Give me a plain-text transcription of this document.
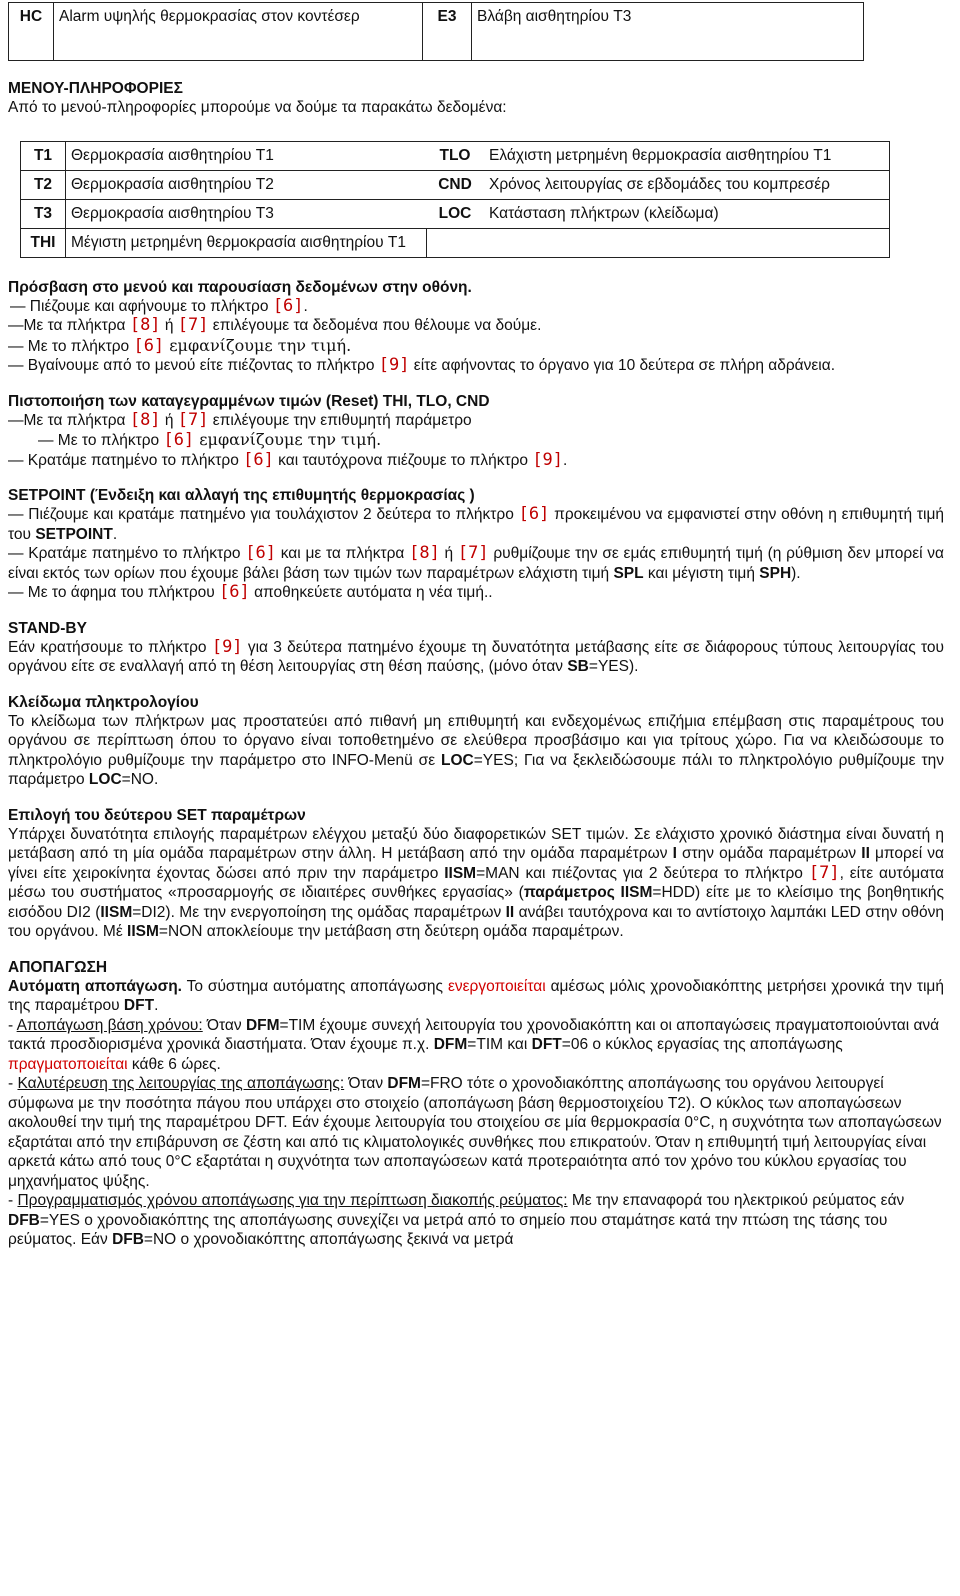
HC	Alarm υψηλής θερμοκρασίας στον κοντέσερ	E3	Βλάβη αισθητηρίου T3

ΜΕΝΟΥ-ΠΛΗΡΟΦΟΡΙΕΣ

Από το μενού-πληροφορίες μπορούμε να δούμε τα παρακάτω δεδομένα:

T1	Θερμοκρασία αισθητηρίου T1	TLO	Ελάχιστη μετρημένη θερμοκρασία αισθητηρίου T1
T2	Θερμοκρασία αισθητηρίου T2	CND	Χρόνος λειτουργίας σε εβδομάδες του κομπρεσέρ
T3	Θερμοκρασία αισθητηρίου T3	LOC	Κατάσταση πλήκτρων (κλείδωμα)
THI	Μέγιστη μετρημένη θερμοκρασία αισθητηρίου T1		

Πρόσβαση στο μενού και παρουσίαση δεδομένων στην οθόνη.

— Πιέζουμε και αφήνουμε το πλήκτρο [6].

—Με τα πλήκτρα [8] ή [7] επιλέγουμε τα δεδομένα που θέλουμε να δούμε.

— Με το πλήκτρο [6] εμφανίζουμε την τιμή.

— Βγαίνουμε από το μενού είτε πιέζοντας το πλήκτρο [9] είτε αφήνοντας το όργανο για 10 δεύτερα σε πλήρη αδράνεια.

Πιστοποιήση των καταγεγραμμένων τιμών (Reset) THI, TLO, CND

—Με τα πλήκτρα [8] ή [7] επιλέγουμε την επιθυμητή παράμετρο

— Με το πλήκτρο [6] εμφανίζουμε την τιμή.

— Κρατάμε πατημένο το πλήκτρο [6] και ταυτόχρονα πιέζουμε το πλήκτρο [9].

SETPOINT (Ένδειξη και αλλαγή της επιθυμητής θερμοκρασίας )

— Πιέζουμε και κρατάμε πατημένο για τουλάχιστον 2 δεύτερα το πλήκτρο [6] προκειμένου να εμφανιστεί στην οθόνη η επιθυμητή τιμή του SETPOINT.

— Κρατάμε πατημένο το πλήκτρο [6] και με τα πλήκτρα [8] ή [7] ρυθμίζουμε την σε εμάς επιθυμητή τιμή (η ρύθμιση δεν μπορεί να είναι εκτός των ορίων που έχουμε βάλει βάση των τιμών των παραμέτρων ελάχιστη τιμή SPL και μέγιστη τιμή SPH).

— Με το άφημα του πλήκτρου [6] αποθηκεύετε αυτόματα η νέα τιμή..

STAND-BY

Εάν κρατήσουμε το πλήκτρο [9] για 3 δεύτερα πατημένο έχουμε τη δυνατότητα μετάβασης είτε σε διάφορους τύπους λειτουργίας του οργάνου είτε σε εναλλαγή από τη θέση λειτουργίας στη θέση παύσης, (μόνο όταν SB=YES).

Κλείδωμα πληκτρολογίου

Το κλείδωμα των πλήκτρων μας προστατεύει από πιθανή μη επιθυμητή και ενδεχομένως επιζήμια επέμβαση στις παραμέτρους του οργάνου σε περίπτωση όπου το όργανο είναι τοποθετημένο σε ελεύθερα προσβάσιμο και για τρίτους χώρο. Για να κλειδώσουμε το πληκτρολόγιο ρυθμίζουμε την παράμετρο στο INFO-Menü σε LOC=YES; Για να ξεκλειδώσουμε πάλι το πληκτρολόγιο ρυθμίζουμε την παράμετρο LOC=NO.

Επιλογή του δεύτερου SET παραμέτρων

Υπάρχει δυνατότητα επιλογής παραμέτρων ελέγχου μεταξύ δύο διαφορετικών SET τιμών. Σε ελάχιστο χρονικό διάστημα είναι δυνατή η μετάβαση από τη μία ομάδα παραμέτρων στην άλλη. Η μετάβαση από την ομάδα παραμέτρων I στην ομάδα παραμέτρων II μπορεί να γίνει είτε χειροκίνητα έχοντας δώσει από πριν την παράμετρο IISM=MAN και πιέζοντας για 2 δεύτερα το πλήκτρο [7], είτε αυτόματα μέσω του συστήματος «προσαρμογής σε ιδιαιτέρες συνθήκες εργασίας» (παράμετρος IISM=HDD) είτε με το κλείσιμο της βοηθητικής εισόδου DI2 (IISM=DI2). Με την ενεργοποίηση της ομάδας παραμέτρων II ανάβει ταυτόχρονα και το αντίστοιχο λαμπάκι LED στην οθόνη του οργάνου. Μέ IISM=NON αποκλείουμε την μετάβαση στη δεύτερη ομάδα παραμέτρων.

ΑΠΟΠΑΓΩΣΗ

Αυτόματη αποπάγωση. Το σύστημα αυτόματης αποπάγωσης ενεργοποιείται αμέσως μόλις χρονοδιακόπτης μετρήσει χρονικά την τιμή της παραμέτρου DFT.

- Αποπάγωση βάση χρόνου: Όταν DFM=TIM έχουμε συνεχή λειτουργία του χρονοδιακόπτη και οι αποπαγώσεις πραγματοποιούνται ανά τακτά προσδιορισμένα χρονικά διαστήματα. Όταν έχουμε π.χ. DFM=TIM και DFT=06 ο κύκλος εργασίας της αποπάγωσης πραγματοποιείται κάθε 6 ώρες.

- Καλυτέρευση της λειτουργίας της αποπάγωσης: Όταν DFM=FRO τότε ο χρονοδιακόπτης αποπάγωσης του οργάνου λειτουργεί σύμφωνα με την ποσότητα πάγου που υπάρχει στο στοιχείο (αποπάγωση βάση θερμοστοιχείου T2). Ο κύκλος των αποπαγώσεων ακολουθεί την τιμή της παραμέτρου DFT. Εάν έχουμε λειτουργία του στοιχείου σε μία θερμοκρασία 0°C, η συχνότητα των αποπαγώσεων εξαρτάται από την επιβάρυνση σε ζέστη και από τις κλιματολογικές συνθήκες που επικρατούν. Όταν η επιθυμητή τιμή λειτουργίας είναι αρκετά κάτω από τους 0°C εξαρτάται η συχνότητα των αποπαγώσεων κατά προτεραιότητα από τον χρόνο του κύκλου εργασίας του μηχανήματος ψύξης.

- Προγραμματισμός χρόνου αποπάγωσης για την περίπτωση διακοπής ρεύματος: Με την επαναφορά του ηλεκτρικού ρεύματος εάν DFB=YES ο χρονοδιακόπτης της αποπάγωσης συνεχίζει να μετρά από το σημείο που σταμάτησε κατά την πτώση της τάσης του ρεύματος. Εάν DFB=NO ο χρονοδιακόπτης αποπάγωσης ξεκινά να μετρά
